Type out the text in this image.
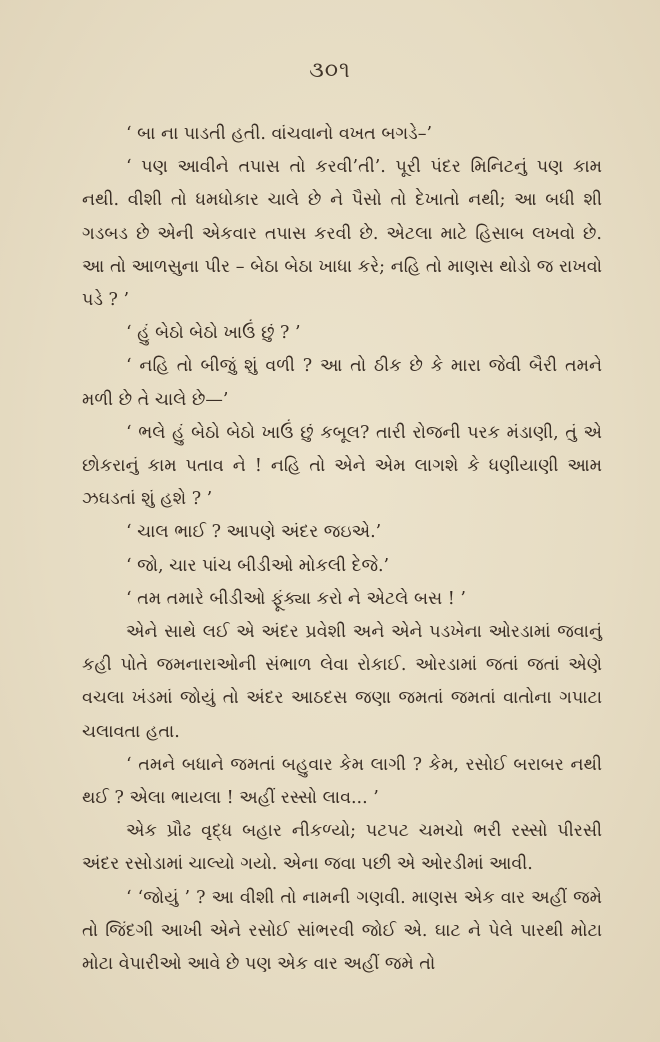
૩૦૧

‘ બા ના પાડતી હતી. વાંચવાનો વખત બગડે–’

‘ પણ આવીને તપાસ તો કરવી’તી’. પૂરી પંદર મિનિટનું પણ કામ નથી. વીશી તો ધમધોકાર ચાલે છે ને પૈસો તો દેખાતો નથી; આ બધી શી ગડબડ છે એની એકવાર તપાસ કરવી છે. એટલા માટે હિસાબ લખવો છે. આ તો આળસુના પીર – બેઠા બેઠા ખાધા કરે; નહિ તો માણસ થોડો જ રાખવો પડે ? ’

‘ હું બેઠો બેઠો ખાઉં છું ? ’

‘ નહિ તો બીજું શું વળી ? આ તો ઠીક છે કે મારા જેવી બૈરી તમને મળી છે તે ચાલે છે—’

‘ ભલે હું બેઠો બેઠો ખાઉં છું કબૂલ? તારી રોજની પરક મંડાણી, તું એ છોકરાનું કામ પતાવ ને ! નહિ તો એને એમ લાગશે કે ધણીયાણી આમ ઝઘડતાં શું હશે ? ’

‘ ચાલ ભાઈ ? આપણે અંદર જઇએ.’

‘ જો, ચાર પાંચ બીડીઓ મોકલી દેજે.’

‘ તમ તમારે બીડીઓ ફૂંક્યા કરો ને એટલે બસ ! ’

એને સાથે લઈ એ અંદર પ્રવેશી અને એને પડખેના ઓરડામાં જવાનું કહી પોતે જમનારાઓની સંભાળ લેવા રોકાઈ. ઓરડામાં જતાં જતાં એણે વચલા ખંડમાં જોયું તો અંદર આઠદસ જણા જમતાં જમતાં વાતોના ગપાટા ચલાવતા હતા.

‘ તમને બધાને જમતાં બહુવાર કેમ લાગી ? કેમ, રસોઈ બરાબર નથી થઈ ? એલા ભાયલા ! અહીં રસ્સો લાવ... ’

એક પ્રૌઢ વૃદ્ધ બહાર નીકળ્યો; પટપટ ચમચો ભરી રસ્સો પીરસી અંદર રસોડામાં ચાલ્યો ગયો. એના જવા પછી એ ઓરડીમાં આવી.

‘ ‘જોયું ’ ? આ વીશી તો નામની ગણવી. માણસ એક વાર અહીં જમે તો જિંદગી આખી એને રસોઈ સાંભરવી જોઈ એ. ઘાટ ને પેલે પારથી મોટા મોટા વેપારીઓ આવે છે પણ એક વાર અહીં જમે તો
